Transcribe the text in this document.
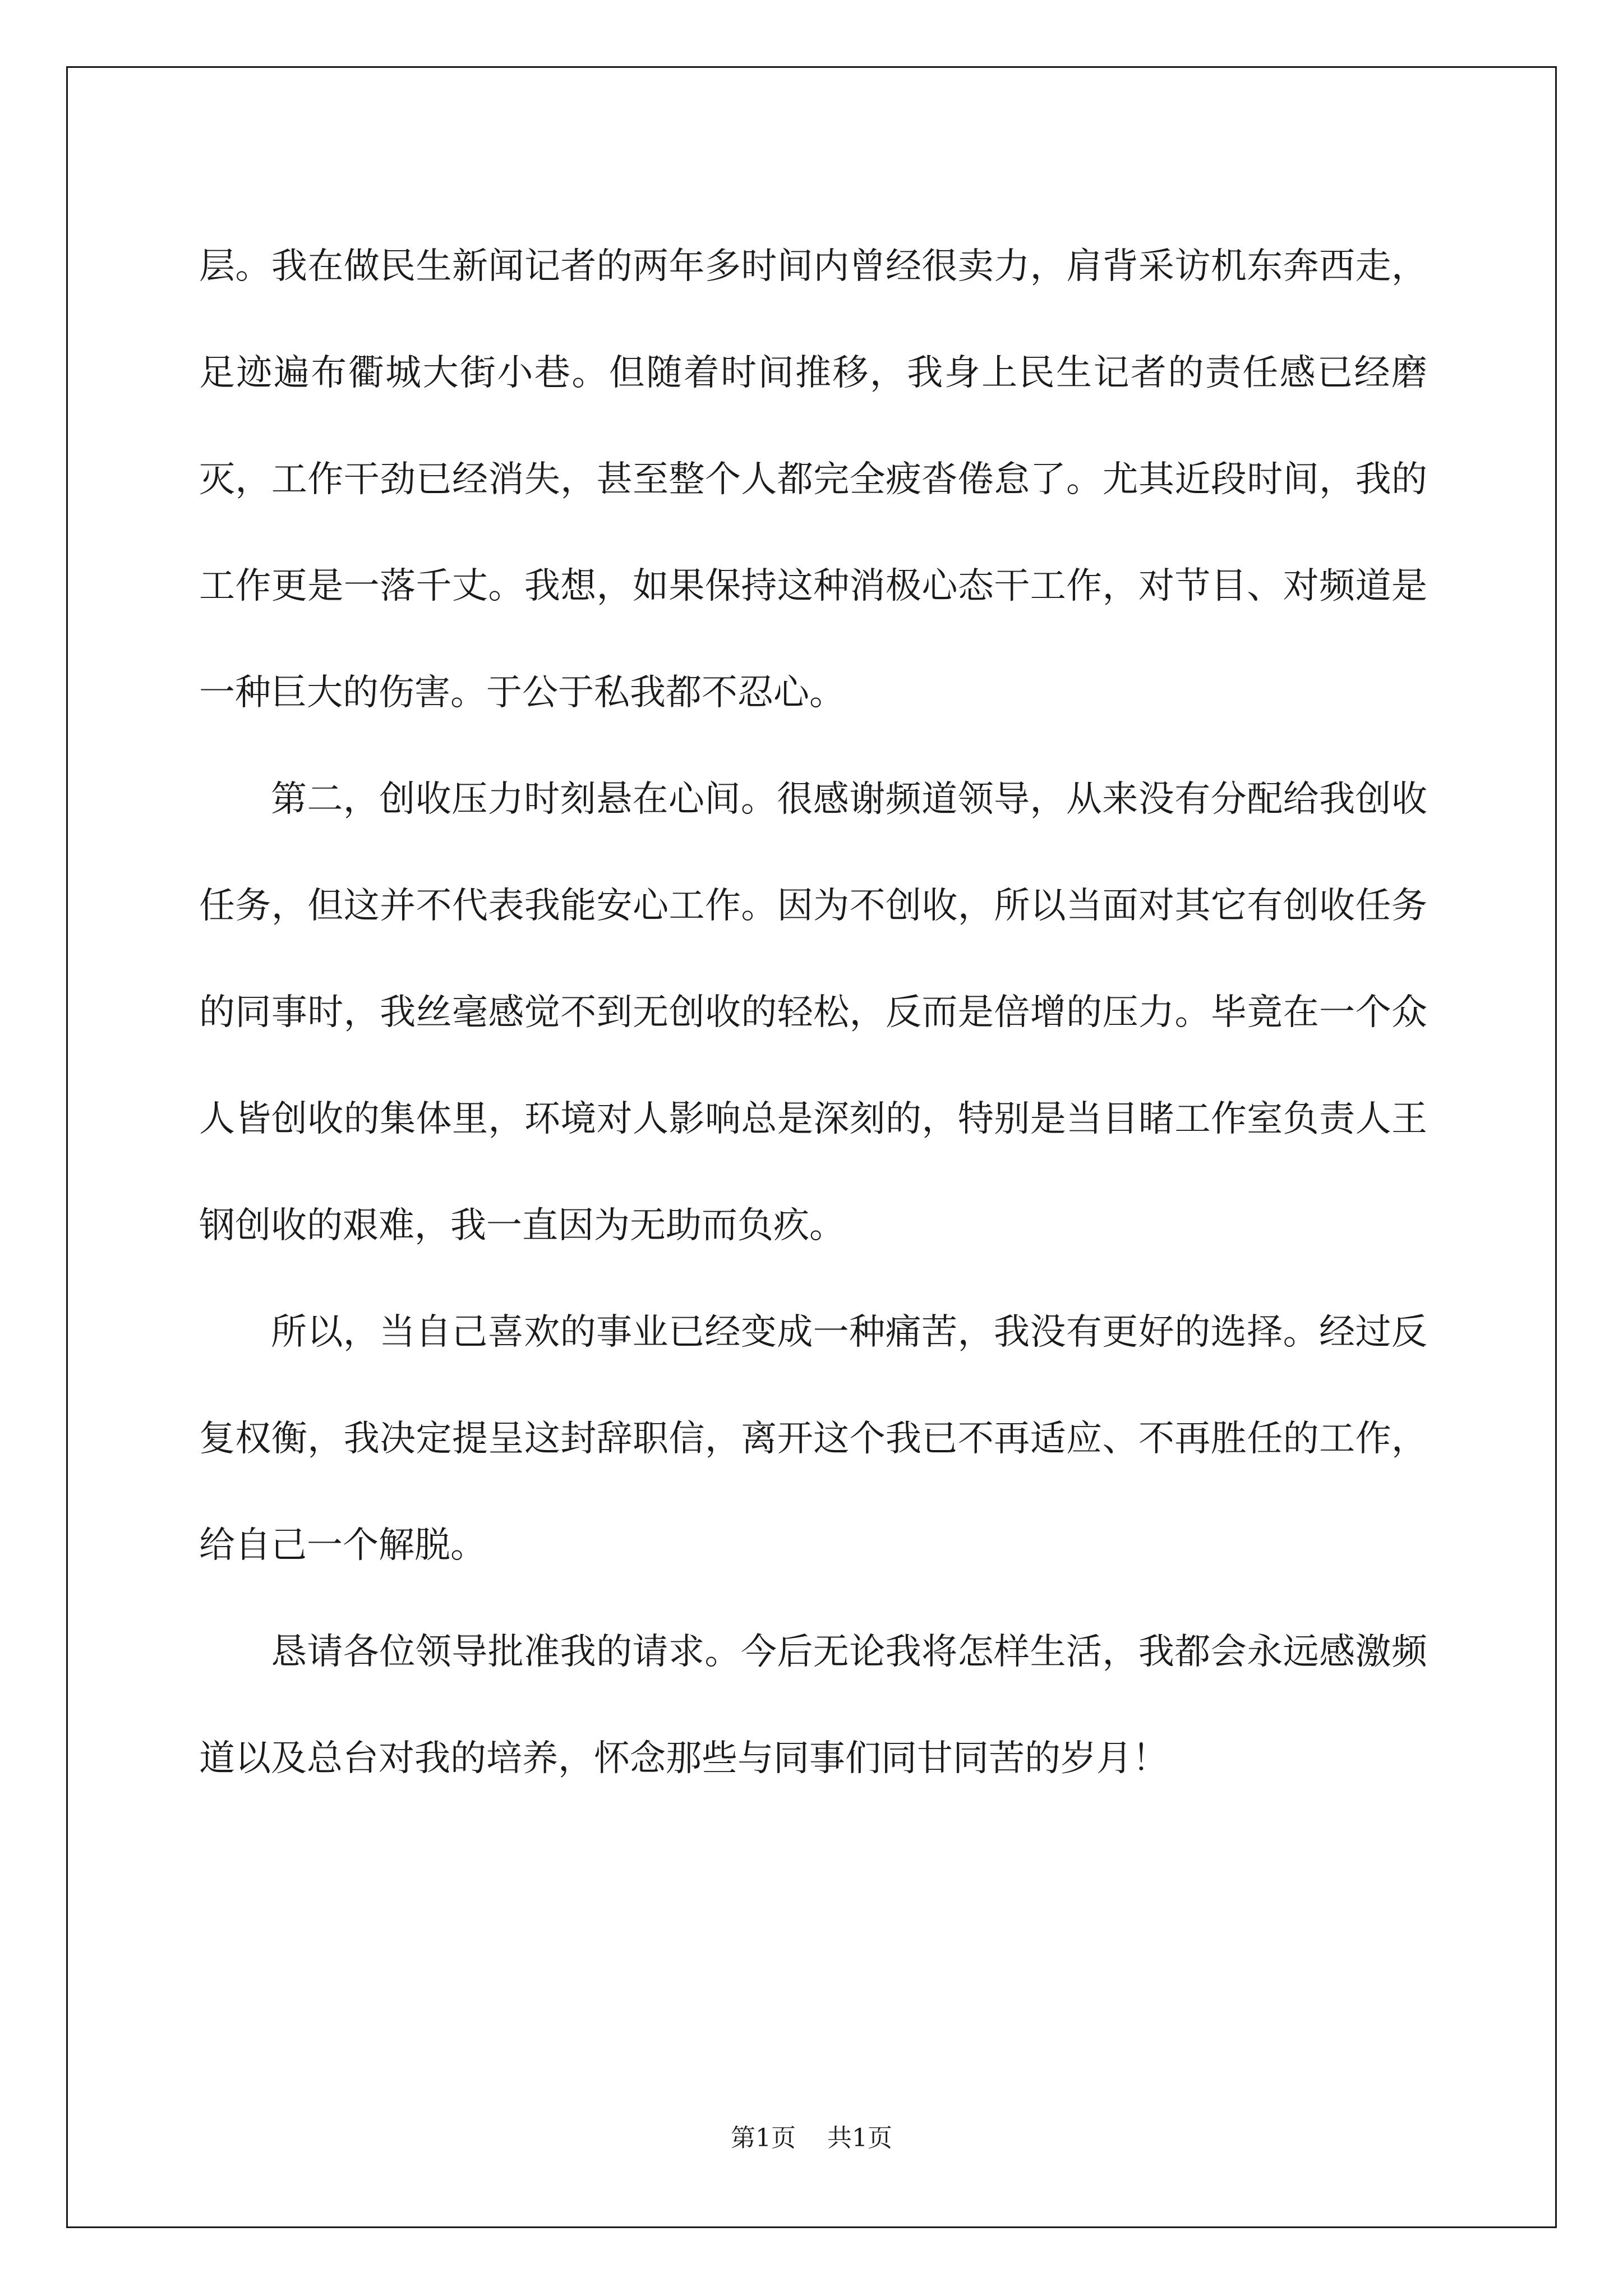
层。我在做民生新闻记者的两年多时间内曾经很卖力，肩背采访机东奔西走，足迹遍布衢城大街小巷。但随着时间推移，我身上民生记者的责任感已经磨灭，工作干劲已经消失，甚至整个人都完全疲沓倦怠了。尤其近段时间，我的工作更是一落千丈。我想，如果保持这种消极心态干工作，对节目、对频道是一种巨大的伤害。于公于私我都不忍心。

第二，创收压力时刻悬在心间。很感谢频道领导，从来没有分配给我创收任务，但这并不代表我能安心工作。因为不创收，所以当面对其它有创收任务的同事时，我丝毫感觉不到无创收的轻松，反而是倍增的压力。毕竟在一个众人皆创收的集体里，环境对人影响总是深刻的，特别是当目睹工作室负责人王钢创收的艰难，我一直因为无助而负疚。

所以，当自己喜欢的事业已经变成一种痛苦，我没有更好的选择。经过反复权衡，我决定提呈这封辞职信，离开这个我已不再适应、不再胜任的工作，给自己一个解脱。

恳请各位领导批准我的请求。今后无论我将怎样生活，我都会永远感激频道以及总台对我的培养，怀念那些与同事们同甘同苦的岁月！

第1页 共1页
